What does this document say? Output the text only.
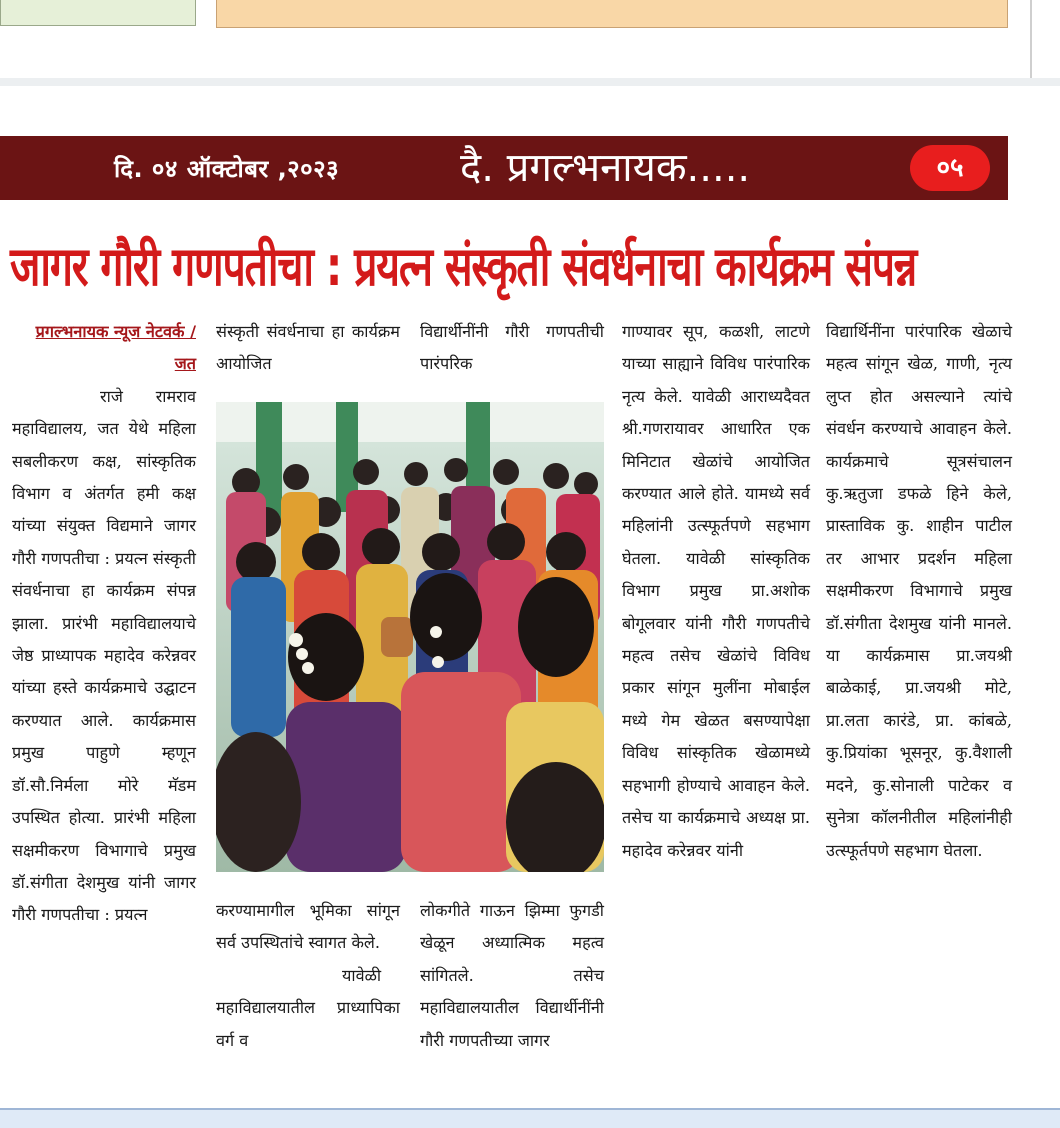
दि. ०४ ऑक्टोबर ,२०२३	दै. प्रगल्भनायक.....	०५
जागर गौरी गणपतीचा : प्रयत्न संस्कृती संवर्धनाचा कार्यक्रम संपन्न
प्रगल्भनायक न्यूज नेटवर्क / जत
राजे रामराव महाविद्यालय, जत येथे महिला सबलीकरण कक्ष, सांस्कृतिक विभाग व अंतर्गत हमी कक्ष यांच्या संयुक्त विद्यमाने जागर गौरी गणपतीचा : प्रयत्न संस्कृती संवर्धनाचा हा कार्यक्रम संपन्न झाला. प्रारंभी महाविद्यालयाचे जेष्ठ प्राध्यापक महादेव करेन्नवर यांच्या हस्ते कार्यक्रमाचे उद्घाटन करण्यात आले. कार्यक्रमास प्रमुख पाहुणे म्हणून डॉ.सौ.निर्मला मोरे मॅडम उपस्थित होत्या. प्रारंभी महिला सक्षमीकरण विभागाचे प्रमुख डॉ.संगीता देशमुख यांनी जागर गौरी गणपतीचा : प्रयत्न
संस्कृती संवर्धनाचा हा कार्यक्रम आयोजित
विद्यार्थीनींनी गौरी गणपतीची पारंपरिक
करण्यामागील भूमिका सांगून सर्व उपस्थितांचे स्वागत केले.
यावेळी महाविद्यालयातील प्राध्यापिका वर्ग व
लोकगीते गाऊन झिम्मा फुगडी खेळून अध्यात्मिक महत्व सांगितले. तसेच महाविद्यालयातील विद्यार्थीनींनी गौरी गणपतीच्या जागर
गाण्यावर सूप, कळशी, लाटणे याच्या साह्याने विविध पारंपारिक नृत्य केले. यावेळी आराध्यदैवत श्री.गणरायावर आधारित एक मिनिटात खेळांचे आयोजित करण्यात आले होते. यामध्ये सर्व महिलांनी उत्स्फूर्तपणे सहभाग घेतला. यावेळी सांस्कृतिक विभाग प्रमुख प्रा.अशोक बोगूलवार यांनी गौरी गणपतीचे महत्व तसेच खेळांचे विविध प्रकार सांगून मुलींना मोबाईल मध्ये गेम खेळत बसण्यापेक्षा विविध सांस्कृतिक खेळामध्ये सहभागी होण्याचे आवाहन केले. तसेच या कार्यक्रमाचे अध्यक्ष प्रा. महादेव करेन्नवर यांनी
विद्यार्थिनींना पारंपारिक खेळाचे महत्व सांगून खेळ, गाणी, नृत्य लुप्त होत असल्याने त्यांचे संवर्धन करण्याचे आवाहन केले. कार्यक्रमाचे सूत्रसंचालन कु.ऋतुजा डफळे हिने केले, प्रास्ताविक कु. शाहीन पाटील तर आभार प्रदर्शन महिला सक्षमीकरण विभागाचे प्रमुख डॉ.संगीता देशमुख यांनी मानले. या कार्यक्रमास प्रा.जयश्री बाळेकाई, प्रा.जयश्री मोटे, प्रा.लता कारंडे, प्रा. कांबळे, कु.प्रियांका भूसनूर, कु.वैशाली मदने, कु.सोनाली पाटेकर व सुनेत्रा कॉलनीतील महिलांनीही उत्स्फूर्तपणे सहभाग घेतला.
